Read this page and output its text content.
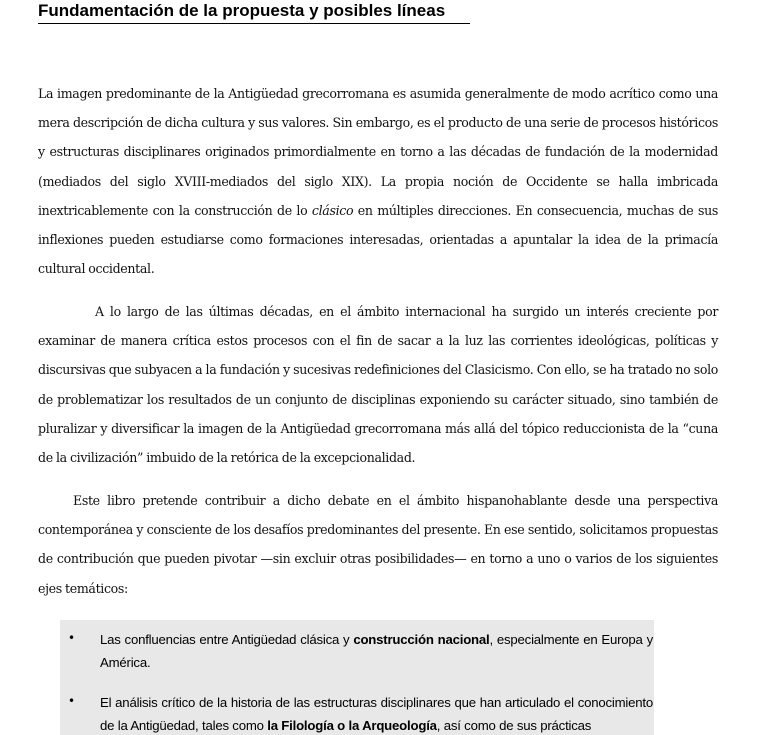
Fundamentación de la propuesta y posibles líneas

La imagen predominante de la Antigüedad grecorromana es asumida generalmente de modo acrítico como una mera descripción de dicha cultura y sus valores. Sin embargo, es el producto de una serie de procesos históricos y estructuras disciplinares originados primordialmente en torno a las décadas de fundación de la modernidad (mediados del siglo XVIII-mediados del siglo XIX). La propia noción de Occidente se halla imbricada inextricablemente con la construcción de lo clásico en múltiples direcciones. En consecuencia, muchas de sus inflexiones pueden estudiarse como formaciones interesadas, orientadas a apuntalar la idea de la primacía cultural occidental.

A lo largo de las últimas décadas, en el ámbito internacional ha surgido un interés creciente por examinar de manera crítica estos procesos con el fin de sacar a la luz las corrientes ideológicas, políticas y discursivas que subyacen a la fundación y sucesivas redefiniciones del Clasicismo. Con ello, se ha tratado no solo de problematizar los resultados de un conjunto de disciplinas exponiendo su carácter situado, sino también de pluralizar y diversificar la imagen de la Antigüedad grecorromana más allá del tópico reduccionista de la “cuna de la civilización” imbuido de la retórica de la excepcionalidad.

Este libro pretende contribuir a dicho debate en el ámbito hispanohablante desde una perspectiva contemporánea y consciente de los desafíos predominantes del presente. En ese sentido, solicitamos propuestas de contribución que pueden pivotar —sin excluir otras posibilidades— en torno a uno o varios de los siguientes ejes temáticos:

• Las confluencias entre Antigüedad clásica y construcción nacional, especialmente en Europa y América.

• El análisis crítico de la historia de las estructuras disciplinares que han articulado el conocimiento de la Antigüedad, tales como la Filología o la Arqueología, así como de sus prácticas
